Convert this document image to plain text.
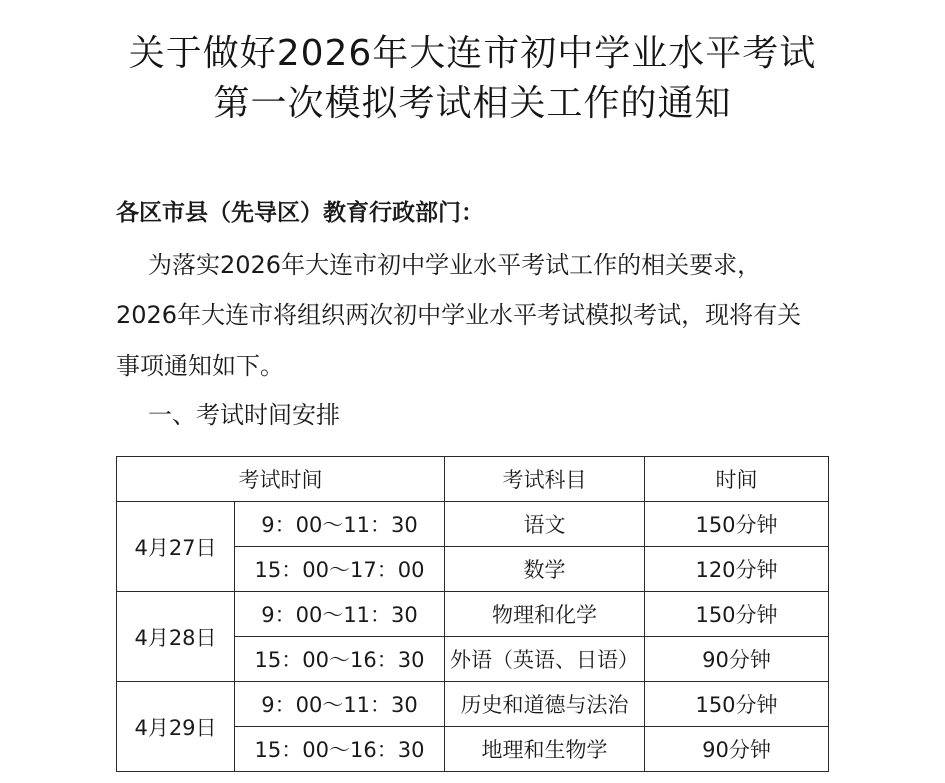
关于做好2026年大连市初中学业水平考试
第一次模拟考试相关工作的通知
各区市县（先导区）教育行政部门：
为落实2026年大连市初中学业水平考试工作的相关要求，
2026年大连市将组织两次初中学业水平考试模拟考试，现将有关
事项通知如下。
一、考试时间安排
考试时间		考试科目	时间
4月27日	9：00～11：30	语文	150分钟
	15：00～17：00	数学	120分钟
4月28日	9：00～11：30	物理和化学	150分钟
	15：00～16：30	外语（英语、日语）	90分钟
4月29日	9：00～11：30	历史和道德与法治	150分钟
	15：00～16：30	地理和生物学	90分钟
